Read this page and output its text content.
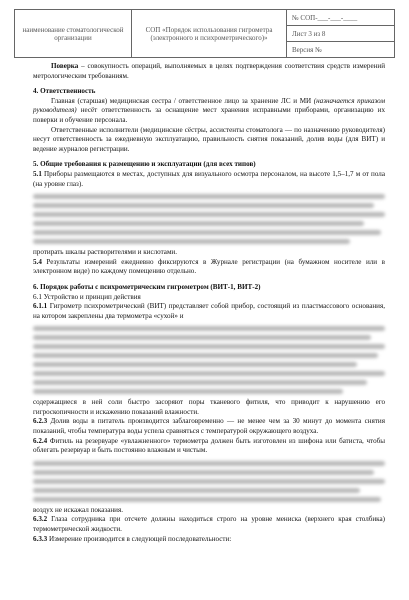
наименование стоматологической организации	СОП «Порядок использования гигрометра (электронного и психрометрического)»	№ СОП-___-___-____
Лист 3 из 8
Версия №

Поверка – совокупность операций, выполняемых в целях подтверждения соответствия средств измерений метрологическим требованиям.

4. Ответственность

Главная (старшая) медицинская сестра / ответственное лицо за хранение ЛС и МИ (назначается приказом руководителя) несёт ответственность за оснащение мест хранения исправными приборами, организацию их поверки и обучение персонала.

Ответственные исполнители (медицинские сёстры, ассистенты стоматолога — по назначению руководителя) несут ответственность за ежедневную эксплуатацию, правильность снятия показаний, долив воды (для ВИТ) и ведение журналов регистрации.

5. Общие требования к размещению и эксплуатации (для всех типов)

5.1 Приборы размещаются в местах, доступных для визуального осмотра персоналом, на высоте 1,5–1,7 м от пола (на уровне глаз).

протирать шкалы растворителями и кислотами.

5.4 Результаты измерений ежедневно фиксируются в Журнале регистрации (на бумажном носителе или в электронном виде) по каждому помещению отдельно.

6. Порядок работы с психрометрическим гигрометром (ВИТ-1, ВИТ-2)

6.1 Устройство и принцип действия

6.1.1 Гигрометр психрометрический (ВИТ) представляет собой прибор, состоящий из пластмассового основания, на котором закреплены два термометра «сухой» и

содержащиеся в ней соли быстро засоряют поры тканевого фитиля, что приводит к нарушению его гигроскопичности и искажению показаний влажности.

6.2.3 Долив воды в питатель производится заблаговременно — не менее чем за 30 минут до момента снятия показаний, чтобы температура воды успела сравняться с температурой окружающего воздуха.

6.2.4 Фитиль на резервуаре «увлажненного» термометра должен быть изготовлен из шифона или батиста, чтобы облегать резервуар и быть постоянно влажным и чистым.

воздух не искажал показания.

6.3.2 Глаза сотрудника при отсчете должны находиться строго на уровне мениска (верхнего края столбика) термометрической жидкости.

6.3.3 Измерение производится в следующей последовательности:
